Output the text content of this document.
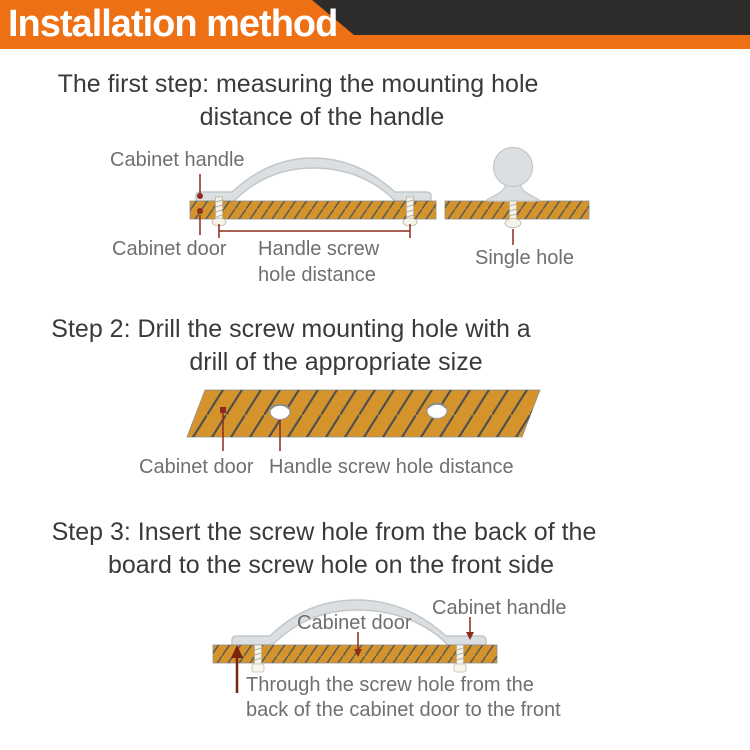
Installation method
The first step: measuring the mounting hole
distance of the handle
Cabinet handle
Cabinet door Handle screw
hole distance
Single hole
Step 2: Drill the screw mounting hole with a
drill of the appropriate size
Cabinet door Handle screw hole distance
Step 3: Insert the screw hole from the back of the
board to the screw hole on the front side
Cabinet door
Cabinet handle
Through the screw hole from the
back of the cabinet door to the front
